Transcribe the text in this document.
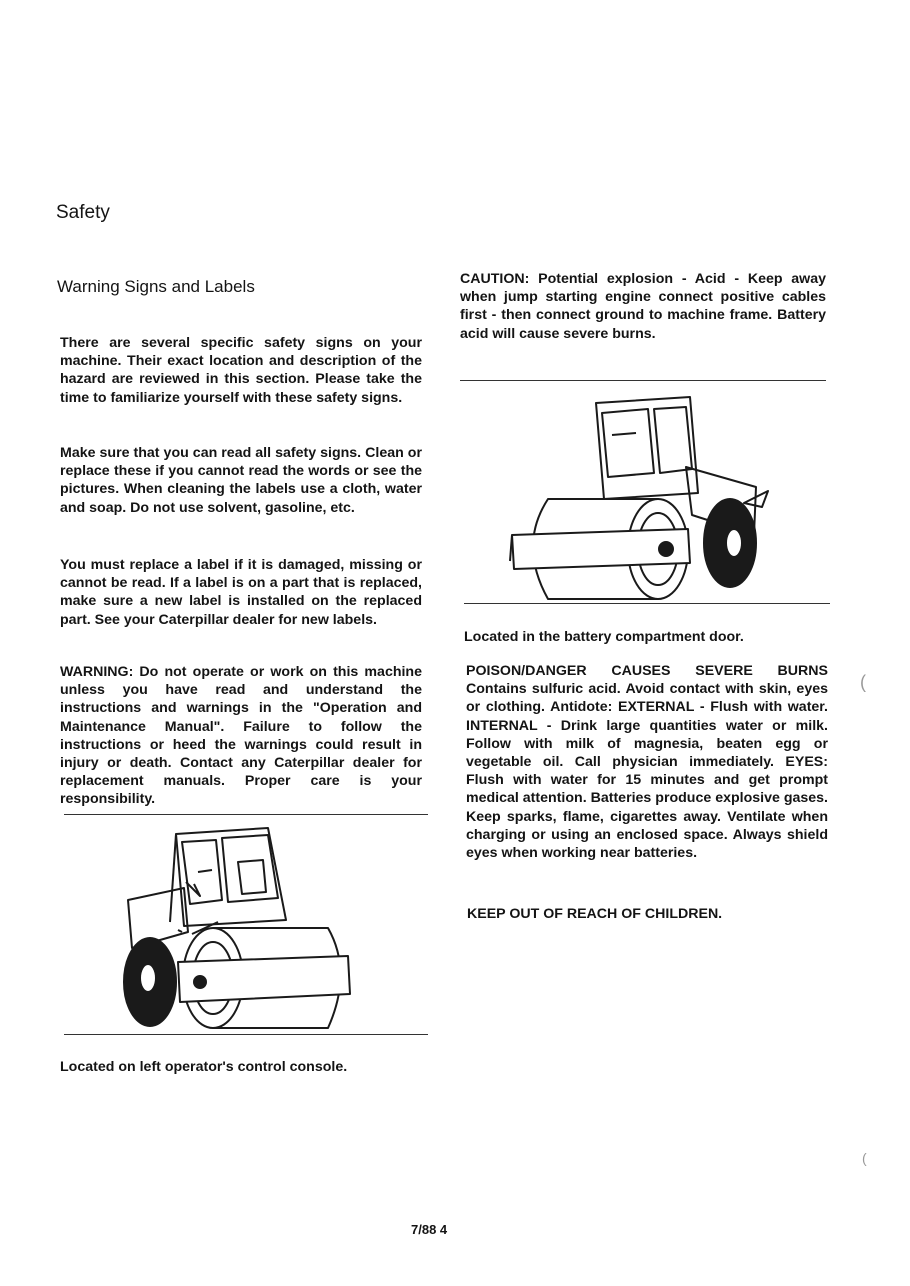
Safety
Warning Signs and Labels

There are several specific safety signs on your machine. Their exact location and description of the hazard are reviewed in this section. Please take the time to familiarize yourself with these safety signs.

Make sure that you can read all safety signs. Clean or replace these if you cannot read the words or see the pictures. When cleaning the labels use a cloth, water and soap. Do not use solvent, gasoline, etc.

You must replace a label if it is damaged, missing or cannot be read. If a label is on a part that is replaced, make sure a new label is installed on the replaced part. See your Caterpillar dealer for new labels.

WARNING: Do not operate or work on this machine unless you have read and understand the instructions and warnings in the "Operation and Maintenance Manual". Failure to follow the instructions or heed the warnings could result in injury or death. Contact any Caterpillar dealer for replacement manuals. Proper care is your responsibility.

Located on left operator's control console.

CAUTION: Potential explosion - Acid - Keep away when jump starting engine connect positive cables first - then connect ground to machine frame. Battery acid will cause severe burns.

Located in the battery compartment door.

POISON/DANGER CAUSES SEVERE BURNS Contains sulfuric acid. Avoid contact with skin, eyes or clothing. Antidote: EXTERNAL - Flush with water. INTERNAL - Drink large quantities water or milk. Follow with milk of magnesia, beaten egg or vegetable oil. Call physician immediately. EYES: Flush with water for 15 minutes and get prompt medical attention. Batteries produce explosive gases. Keep sparks, flame, cigarettes away. Ventilate when charging or using an enclosed space. Always shield eyes when working near batteries.

KEEP OUT OF REACH OF CHILDREN.

7/88 4
(
(
